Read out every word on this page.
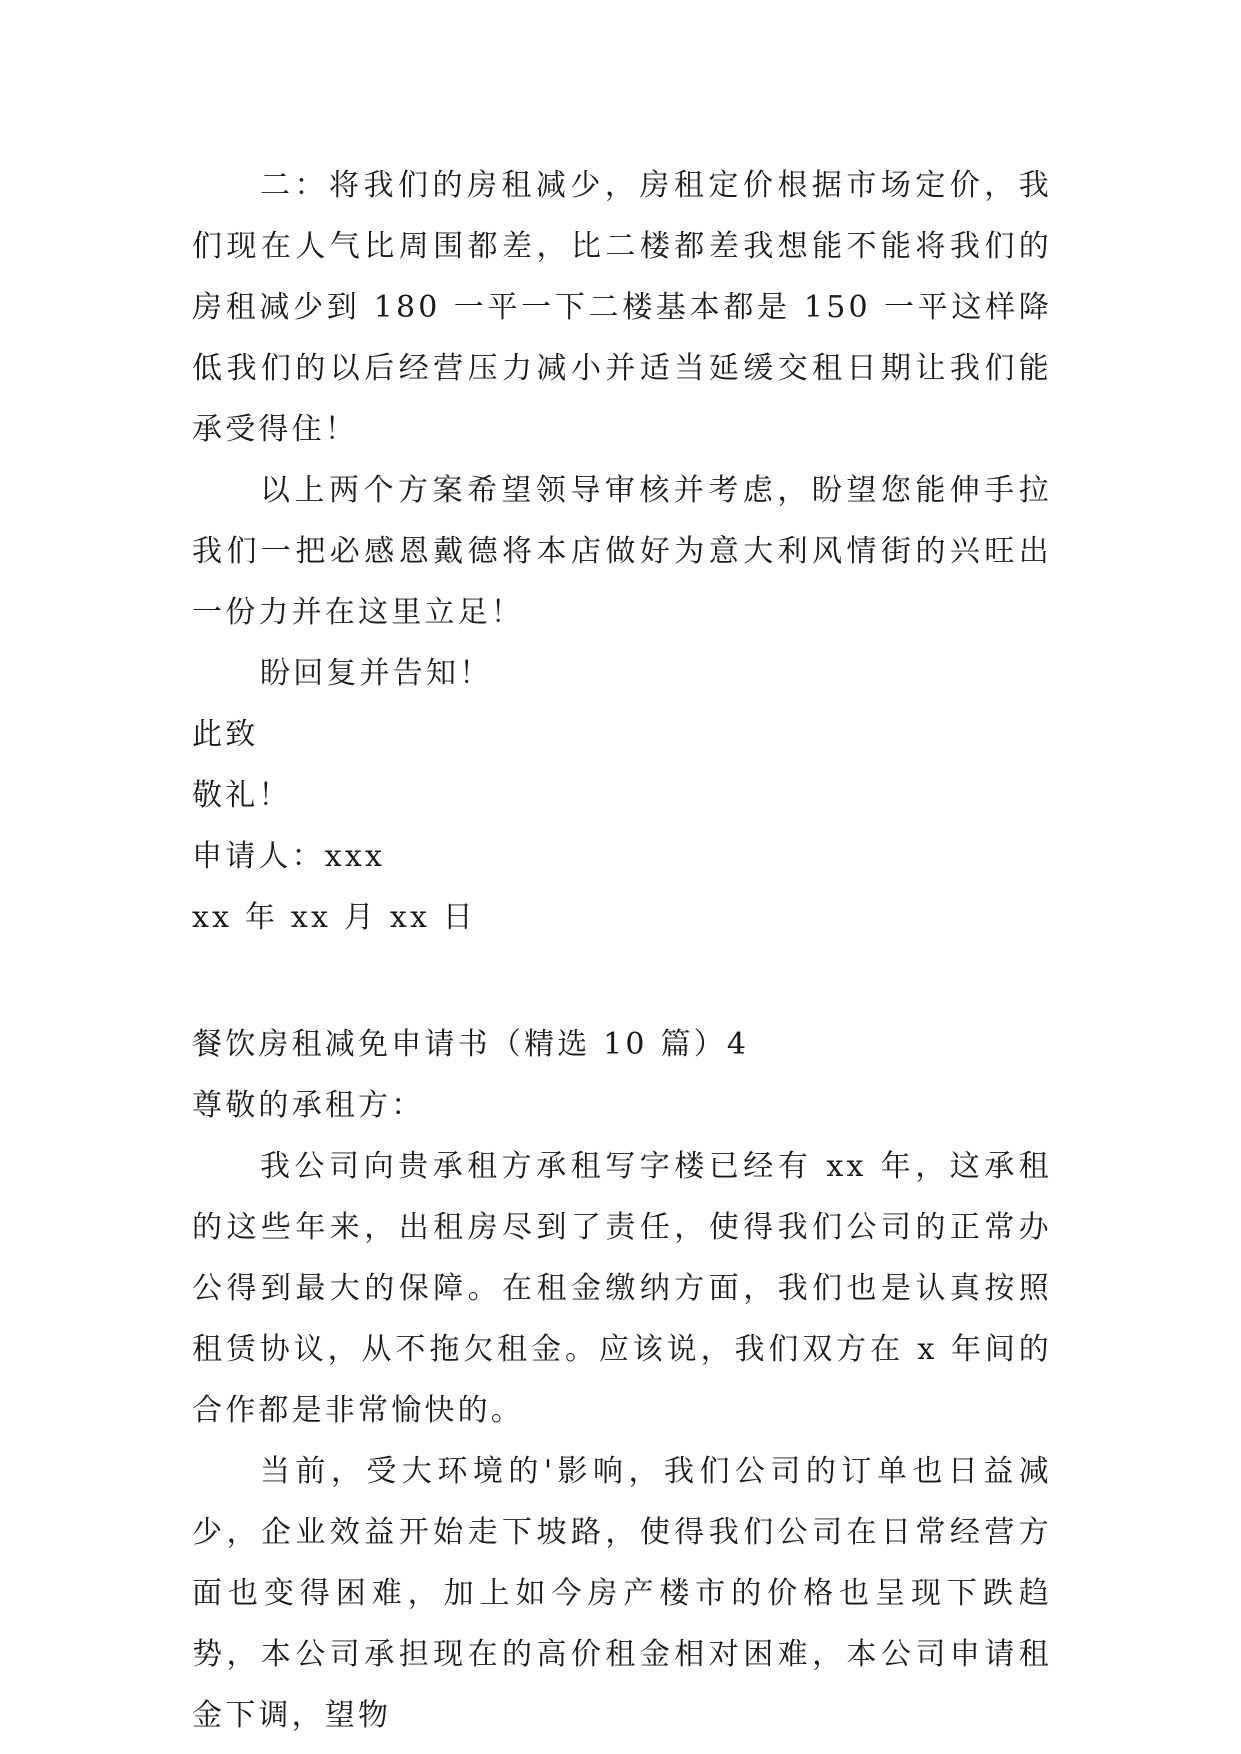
二：将我们的房租减少，房租定价根据市场定价，我们现在人气比周围都差，比二楼都差我想能不能将我们的房租减少到 180 一平一下二楼基本都是 150 一平这样降低我们的以后经营压力减小并适当延缓交租日期让我们能承受得住！

以上两个方案希望领导审核并考虑，盼望您能伸手拉我们一把必感恩戴德将本店做好为意大利风情街的兴旺出一份力并在这里立足！

盼回复并告知！

此致

敬礼！

申请人：xxx

xx 年 xx 月 xx 日

餐饮房租减免申请书（精选 10 篇）4

尊敬的承租方：

我公司向贵承租方承租写字楼已经有 xx 年，这承租的这些年来，出租房尽到了责任，使得我们公司的正常办公得到最大的保障。在租金缴纳方面，我们也是认真按照租赁协议，从不拖欠租金。应该说，我们双方在 x 年间的合作都是非常愉快的。

当前，受大环境的'影响，我们公司的订单也日益减少，企业效益开始走下坡路，使得我们公司在日常经营方面也变得困难，加上如今房产楼市的价格也呈现下跌趋势，本公司承担现在的高价租金相对困难，本公司申请租金下调，望物
